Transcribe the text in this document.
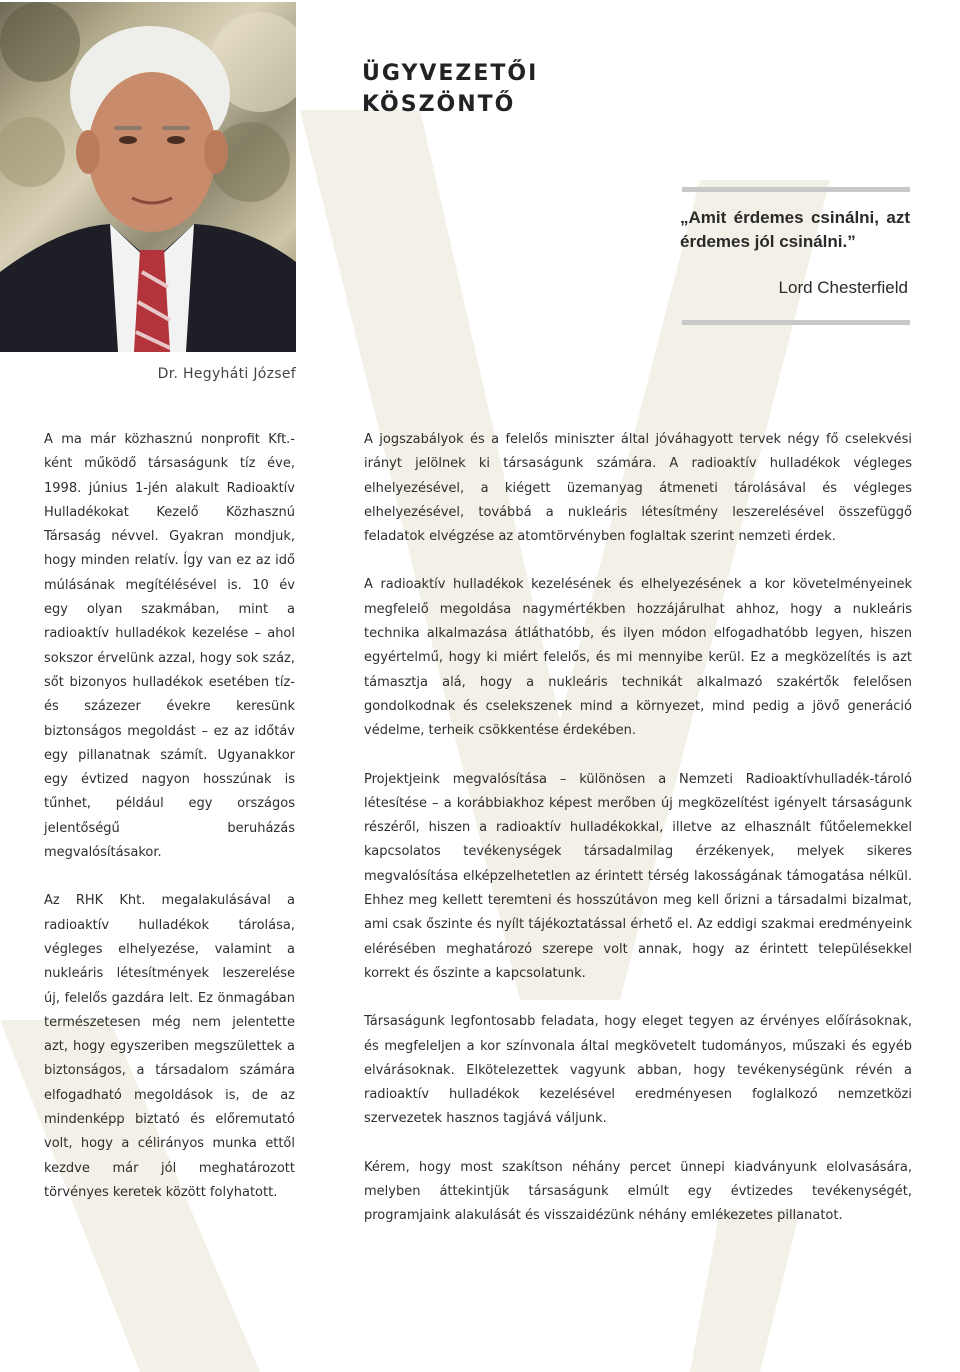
Dr. Hegyháti József
ÜGYVEZETŐI
KÖSZÖNTŐ
„Amit érdemes csinálni, azt érdemes jól csinálni.”
Lord Chesterfield

A ma már közhasznú nonprofit Kft.-ként működő társaságunk tíz éve, 1998. június 1-jén alakult Radioaktív Hulladékokat Kezelő Közhasznú Társaság névvel. Gyakran mondjuk, hogy minden relatív. Így van ez az idő múlásának megítélésével is. 10 év egy olyan szakmában, mint a radioaktív hulladékok kezelése – ahol sokszor érvelünk azzal, hogy sok száz, sőt bizonyos hulladékok esetében tíz- és százezer évekre keresünk biztonságos megoldást – ez az időtáv egy pillanatnak számít. Ugyanakkor egy évtized nagyon hosszúnak is tűnhet, például egy országos jelentőségű beruházás megvalósításakor.

Az RHK Kht. megalakulásával a radioaktív hulladékok tárolása, végleges elhelyezése, valamint a nukleáris létesítmények leszerelése új, felelős gazdára lelt. Ez önmagában természetesen még nem jelentette azt, hogy egyszeriben megszülettek a biztonságos, a társadalom számára elfogadható megoldások is, de az mindenképp biztató és előremutató volt, hogy a célirányos munka ettől kezdve már jól meghatározott törvényes keretek között folyhatott.

A jogszabályok és a felelős miniszter által jóváhagyott tervek négy fő cselekvési irányt jelölnek ki társaságunk számára. A radioaktív hulladékok végleges elhelyezésével, a kiégett üzemanyag átmeneti tárolásával és végleges elhelyezésével, továbbá a nukleáris létesítmény leszerelésével összefüggő feladatok elvégzése az atomtörvényben foglaltak szerint nemzeti érdek.

A radioaktív hulladékok kezelésének és elhelyezésének a kor követelményeinek megfelelő megoldása nagymértékben hozzájárulhat ahhoz, hogy a nukleáris technika alkalmazása átláthatóbb, és ilyen módon elfogadhatóbb legyen, hiszen egyértelmű, hogy ki miért felelős, és mi mennyibe kerül. Ez a megközelítés is azt támasztja alá, hogy a nukleáris technikát alkalmazó szakértők felelősen gondolkodnak és cselekszenek mind a környezet, mind pedig a jövő generáció védelme, terheik csökkentése érdekében.

Projektjeink megvalósítása – különösen a Nemzeti Radioaktívhulladék-tároló létesítése – a korábbiakhoz képest merőben új megközelítést igényelt társaságunk részéről, hiszen a radioaktív hulladékokkal, illetve az elhasznált fűtőelemekkel kapcsolatos tevékenységek társadalmilag érzékenyek, melyek sikeres megvalósítása elképzelhetetlen az érintett térség lakosságának támogatása nélkül. Ehhez meg kellett teremteni és hosszútávon meg kell őrizni a társadalmi bizalmat, ami csak őszinte és nyílt tájékoztatással érhető el. Az eddigi szakmai eredményeink elérésében meghatározó szerepe volt annak, hogy az érintett településekkel korrekt és őszinte a kapcsolatunk.

Társaságunk legfontosabb feladata, hogy eleget tegyen az érvényes előírásoknak, és megfeleljen a kor színvonala által megkövetelt tudományos, műszaki és egyéb elvárásoknak. Elkötelezettek vagyunk abban, hogy tevékenységünk révén a radioaktív hulladékok kezelésével eredményesen foglalkozó nemzetközi szervezetek hasznos tagjává váljunk.

Kérem, hogy most szakítson néhány percet ünnepi kiadványunk elolvasására, melyben áttekintjük társaságunk elmúlt egy évtizedes tevékenységét, programjaink alakulását és visszaidézünk néhány emlékezetes pillanatot.
